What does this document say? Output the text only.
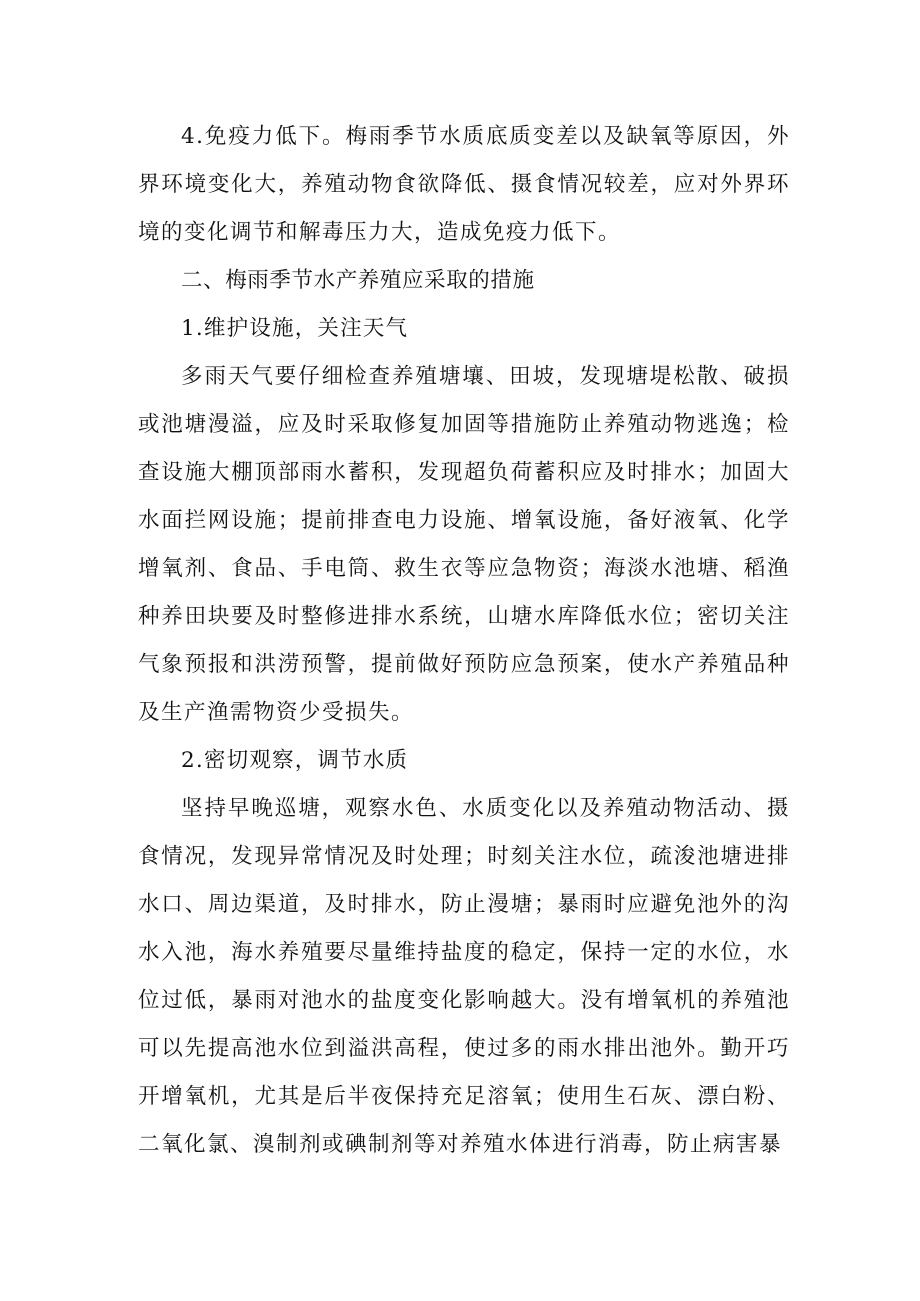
4.免疫力低下。梅雨季节水质底质变差以及缺氧等原因，外界环境变化大，养殖动物食欲降低、摄食情况较差，应对外界环境的变化调节和解毒压力大，造成免疫力低下。

二、梅雨季节水产养殖应采取的措施

1.维护设施，关注天气

多雨天气要仔细检查养殖塘壤、田坡，发现塘堤松散、破损或池塘漫溢，应及时采取修复加固等措施防止养殖动物逃逸；检查设施大棚顶部雨水蓄积，发现超负荷蓄积应及时排水；加固大水面拦网设施；提前排查电力设施、增氧设施，备好液氧、化学增氧剂、食品、手电筒、救生衣等应急物资；海淡水池塘、稻渔种养田块要及时整修进排水系统，山塘水库降低水位；密切关注气象预报和洪涝预警，提前做好预防应急预案，使水产养殖品种及生产渔需物资少受损失。

2.密切观察，调节水质

坚持早晚巡塘，观察水色、水质变化以及养殖动物活动、摄食情况，发现异常情况及时处理；时刻关注水位，疏浚池塘进排水口、周边渠道，及时排水，防止漫塘；暴雨时应避免池外的沟水入池，海水养殖要尽量维持盐度的稳定，保持一定的水位，水位过低，暴雨对池水的盐度变化影响越大。没有增氧机的养殖池可以先提高池水位到溢洪高程，使过多的雨水排出池外。勤开巧开增氧机，尤其是后半夜保持充足溶氧；使用生石灰、漂白粉、二氧化氯、溴制剂或碘制剂等对养殖水体进行消毒，防止病害暴
